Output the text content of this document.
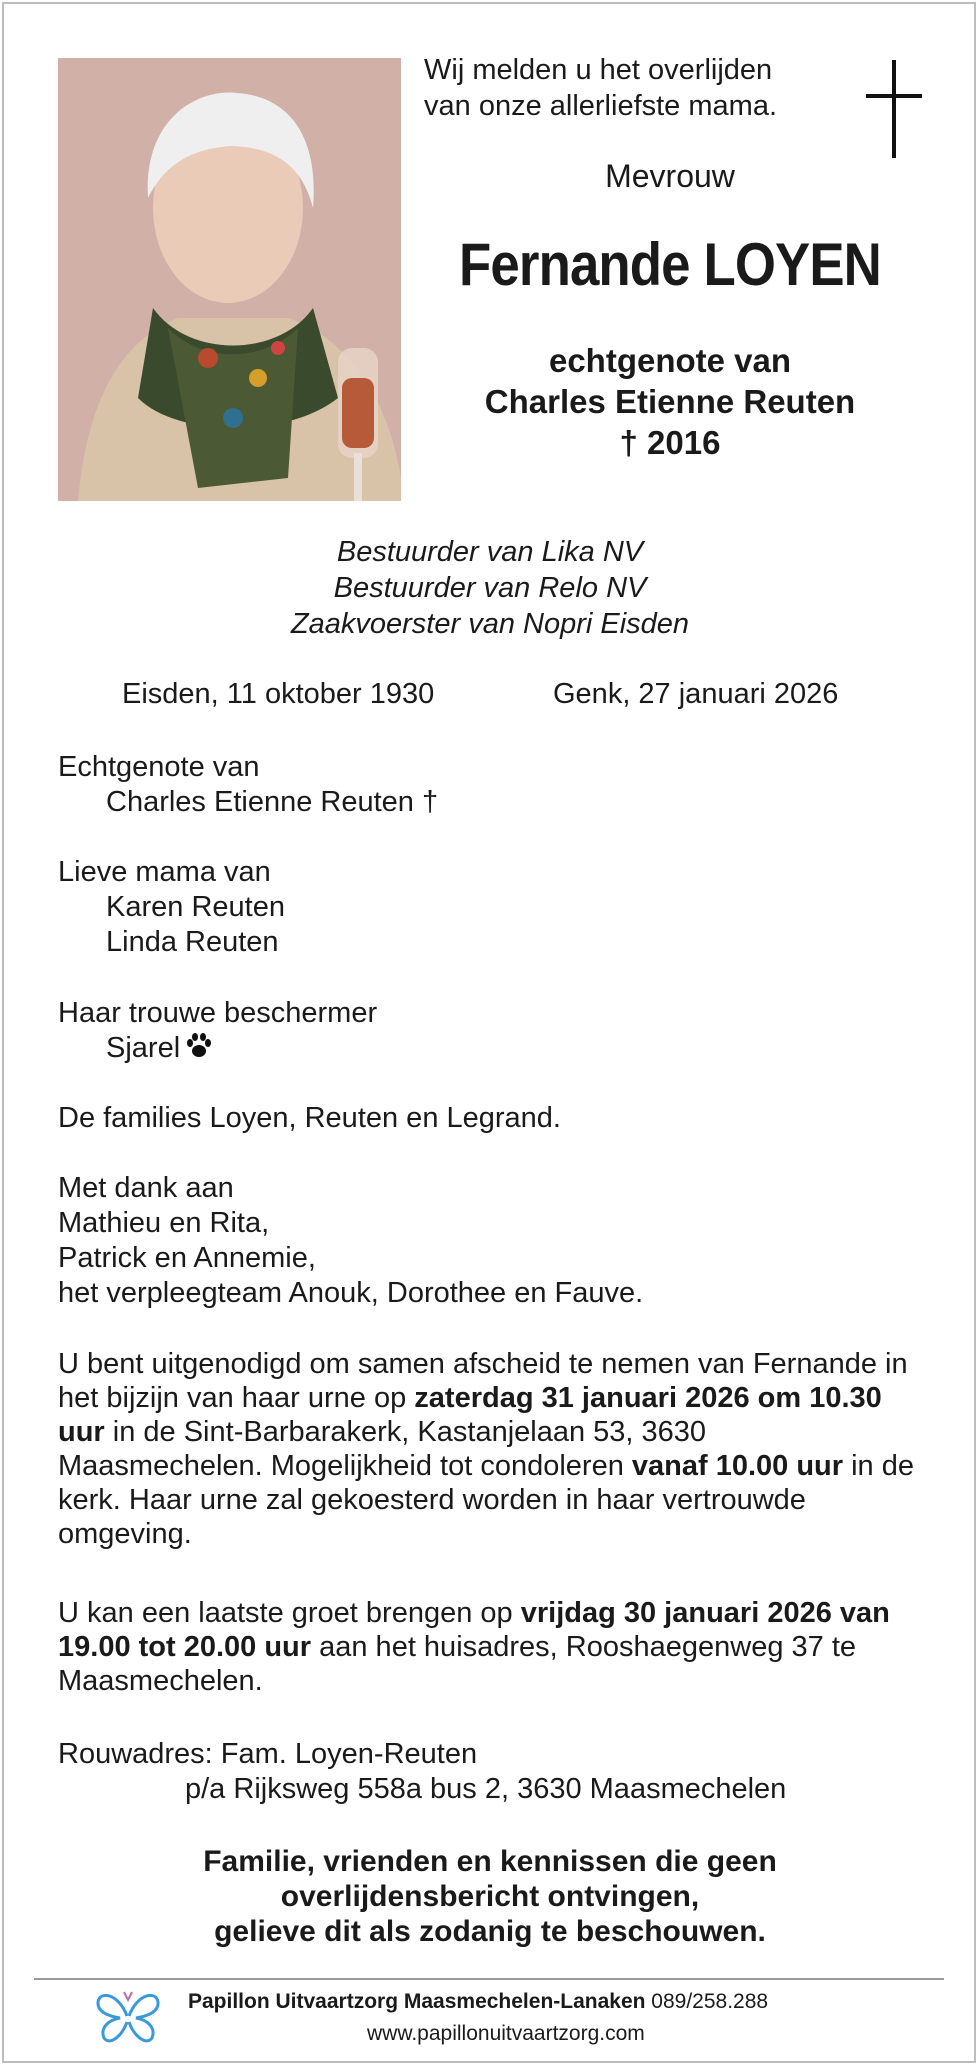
Wij melden u het overlijden
van onze allerliefste mama.
Mevrouw
Fernande LOYEN
echtgenote van
Charles Etienne Reuten
† 2016
Bestuurder van Lika NV
Bestuurder van Relo NV
Zaakvoerster van Nopri Eisden
Eisden, 11 oktober 1930	Genk, 27 januari 2026
Echtgenote van
Charles Etienne Reuten †
Lieve mama van
Karen Reuten
Linda Reuten
Haar trouwe beschermer
Sjarel
De families Loyen, Reuten en Legrand.
Met dank aan
Mathieu en Rita,
Patrick en Annemie,
het verpleegteam Anouk, Dorothee en Fauve.
U bent uitgenodigd om samen afscheid te nemen van Fernande in het bijzijn van haar urne op zaterdag 31 januari 2026 om 10.30 uur in de Sint-Barbarakerk, Kastanjelaan 53, 3630 Maasmechelen. Mogelijkheid tot condoleren vanaf 10.00 uur in de kerk. Haar urne zal gekoesterd worden in haar vertrouwde omgeving.
U kan een laatste groet brengen op vrijdag 30 januari 2026 van 19.00 tot 20.00 uur aan het huisadres, Rooshaegenweg 37 te Maasmechelen.
Rouwadres: Fam. Loyen-Reuten
p/a Rijksweg 558a bus 2, 3630 Maasmechelen
Familie, vrienden en kennissen die geen
overlijdensbericht ontvingen,
gelieve dit als zodanig te beschouwen.
Papillon Uitvaartzorg Maasmechelen-Lanaken 089/258.288
www.papillonuitvaartzorg.com
